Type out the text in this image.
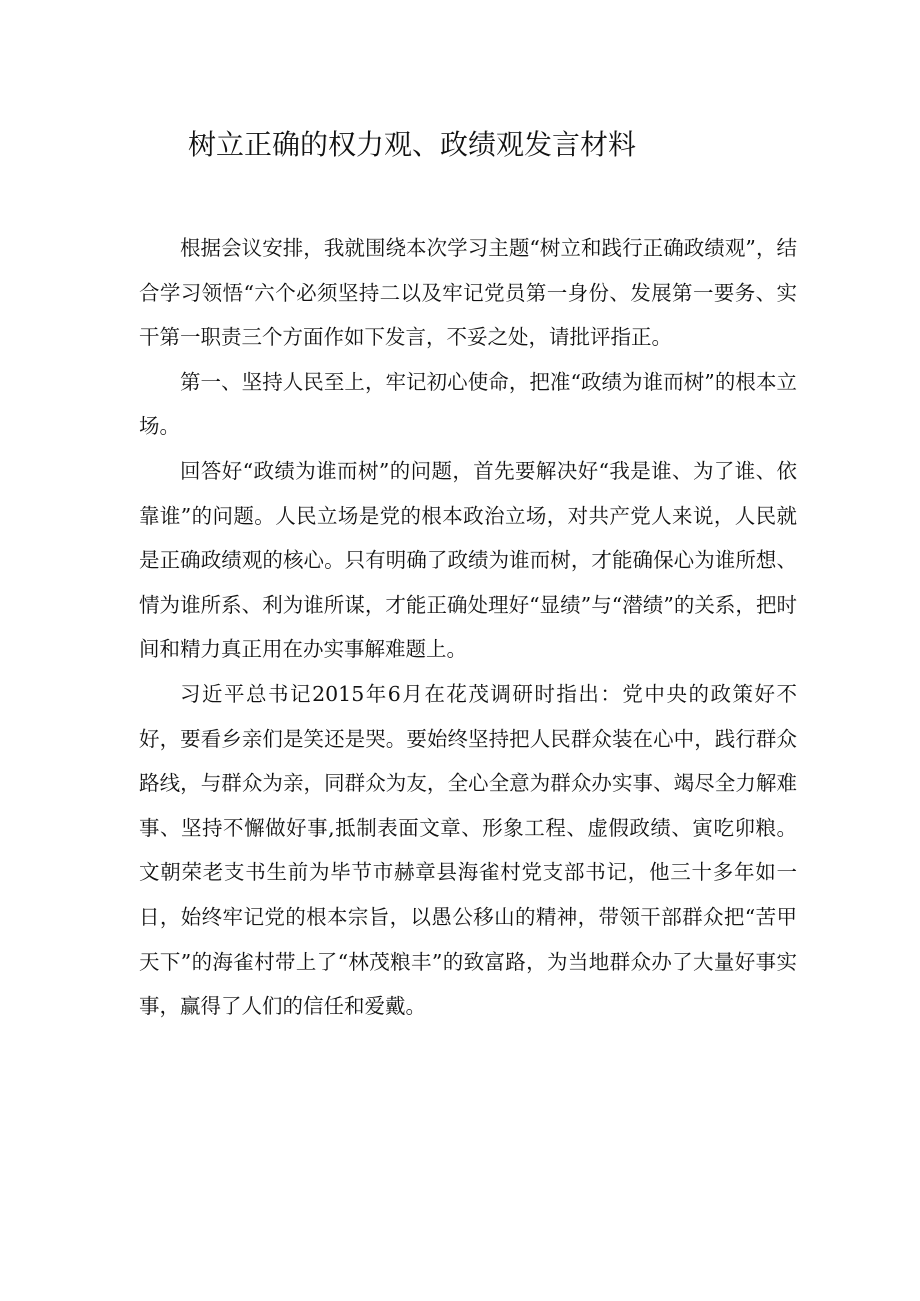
树立正确的权力观、政绩观发言材料

根据会议安排，我就围绕本次学习主题“树立和践行正确政绩观”，结合学习领悟“六个必须坚持二以及牢记党员第一身份、发展第一要务、实干第一职责三个方面作如下发言，不妥之处，请批评指正。

第一、坚持人民至上，牢记初心使命，把准“政绩为谁而树”的根本立场。

回答好“政绩为谁而树”的问题，首先要解决好“我是谁、为了谁、依靠谁”的问题。人民立场是党的根本政治立场，对共产党人来说，人民就是正确政绩观的核心。只有明确了政绩为谁而树，才能确保心为谁所想、情为谁所系、利为谁所谋，才能正确处理好“显绩”与“潜绩”的关系，把时间和精力真正用在办实事解难题上。

习近平总书记2015年6月在花茂调研时指出：党中央的政策好不好，要看乡亲们是笑还是哭。要始终坚持把人民群众装在心中，践行群众路线，与群众为亲，同群众为友，全心全意为群众办实事、竭尽全力解难事、坚持不懈做好事,抵制表面文章、形象工程、虚假政绩、寅吃卯粮。文朝荣老支书生前为毕节市赫章县海雀村党支部书记，他三十多年如一日，始终牢记党的根本宗旨，以愚公移山的精神，带领干部群众把“苦甲天下”的海雀村带上了“林茂粮丰”的致富路，为当地群众办了大量好事实事，赢得了人们的信任和爱戴。
